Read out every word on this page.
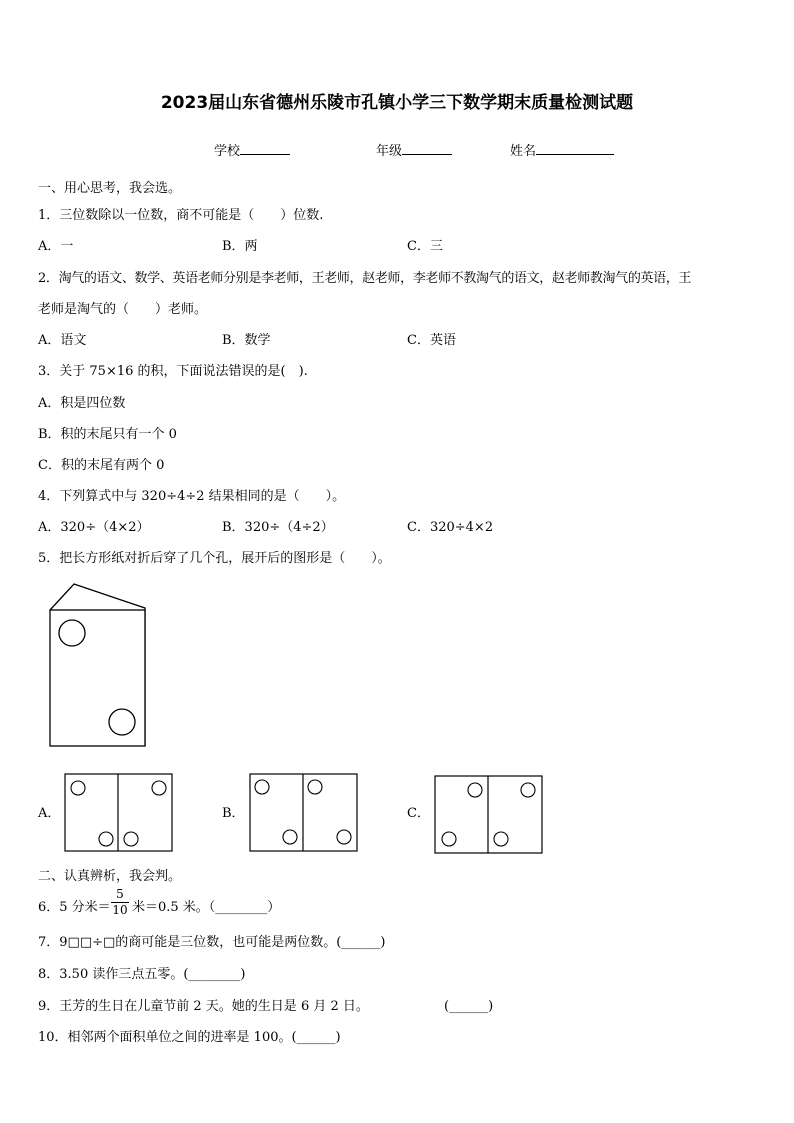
2023届山东省德州乐陵市孔镇小学三下数学期末质量检测试题
学校	年级	姓名
一、用心思考，我会选。
1．三位数除以一位数，商不可能是（　　）位数.
A．一	B．两	C．三
2．淘气的语文、数学、英语老师分别是李老师，王老师，赵老师，李老师不教淘气的语文，赵老师教淘气的英语，王
老师是淘气的（　　）老师。
A．语文	B．数学	C．英语
3．关于 75×16 的积，下面说法错误的是(　).
A．积是四位数
B．积的末尾只有一个 0
C．积的末尾有两个 0
4．下列算式中与 320÷4÷2 结果相同的是（　　）。
A．320÷（4×2）	B．320÷（4÷2）	C．320÷4×2
5．把长方形纸对折后穿了几个孔，展开后的图形是（　　）。
A．	B．	C．
二、认真辨析，我会判。
6．5 分米＝
5
10 米＝0.5 米。（________）
7．9□□÷□的商可能是三位数，也可能是两位数。(______)
8．3.50 读作三点五零。(________)
9．王芳的生日在儿童节前 2 天。她的生日是 6 月 2 日。	(______)
10．相邻两个面积单位之间的进率是 100。(______)
